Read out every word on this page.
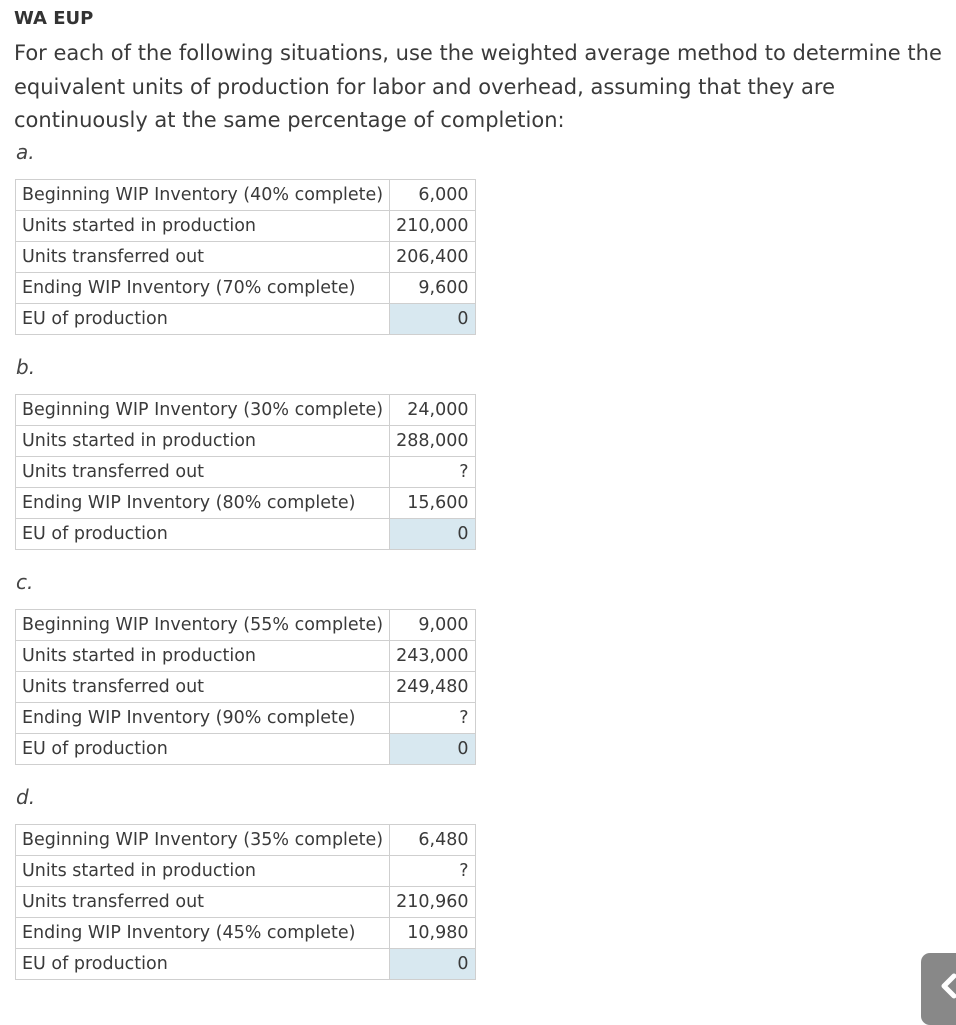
WA EUP

For each of the following situations, use the weighted average method to determine the equivalent units of production for labor and overhead, assuming that they are continuously at the same percentage of completion:

a.
Beginning WIP Inventory (40% complete)	6,000
Units started in production	210,000
Units transferred out	206,400
Ending WIP Inventory (70% complete)	9,600
EU of production	0
b.
Beginning WIP Inventory (30% complete)	24,000
Units started in production	288,000
Units transferred out	?
Ending WIP Inventory (80% complete)	15,600
EU of production	0
c.
Beginning WIP Inventory (55% complete)	9,000
Units started in production	243,000
Units transferred out	249,480
Ending WIP Inventory (90% complete)	?
EU of production	0
d.
Beginning WIP Inventory (35% complete)	6,480
Units started in production	?
Units transferred out	210,960
Ending WIP Inventory (45% complete)	10,980
EU of production	0
